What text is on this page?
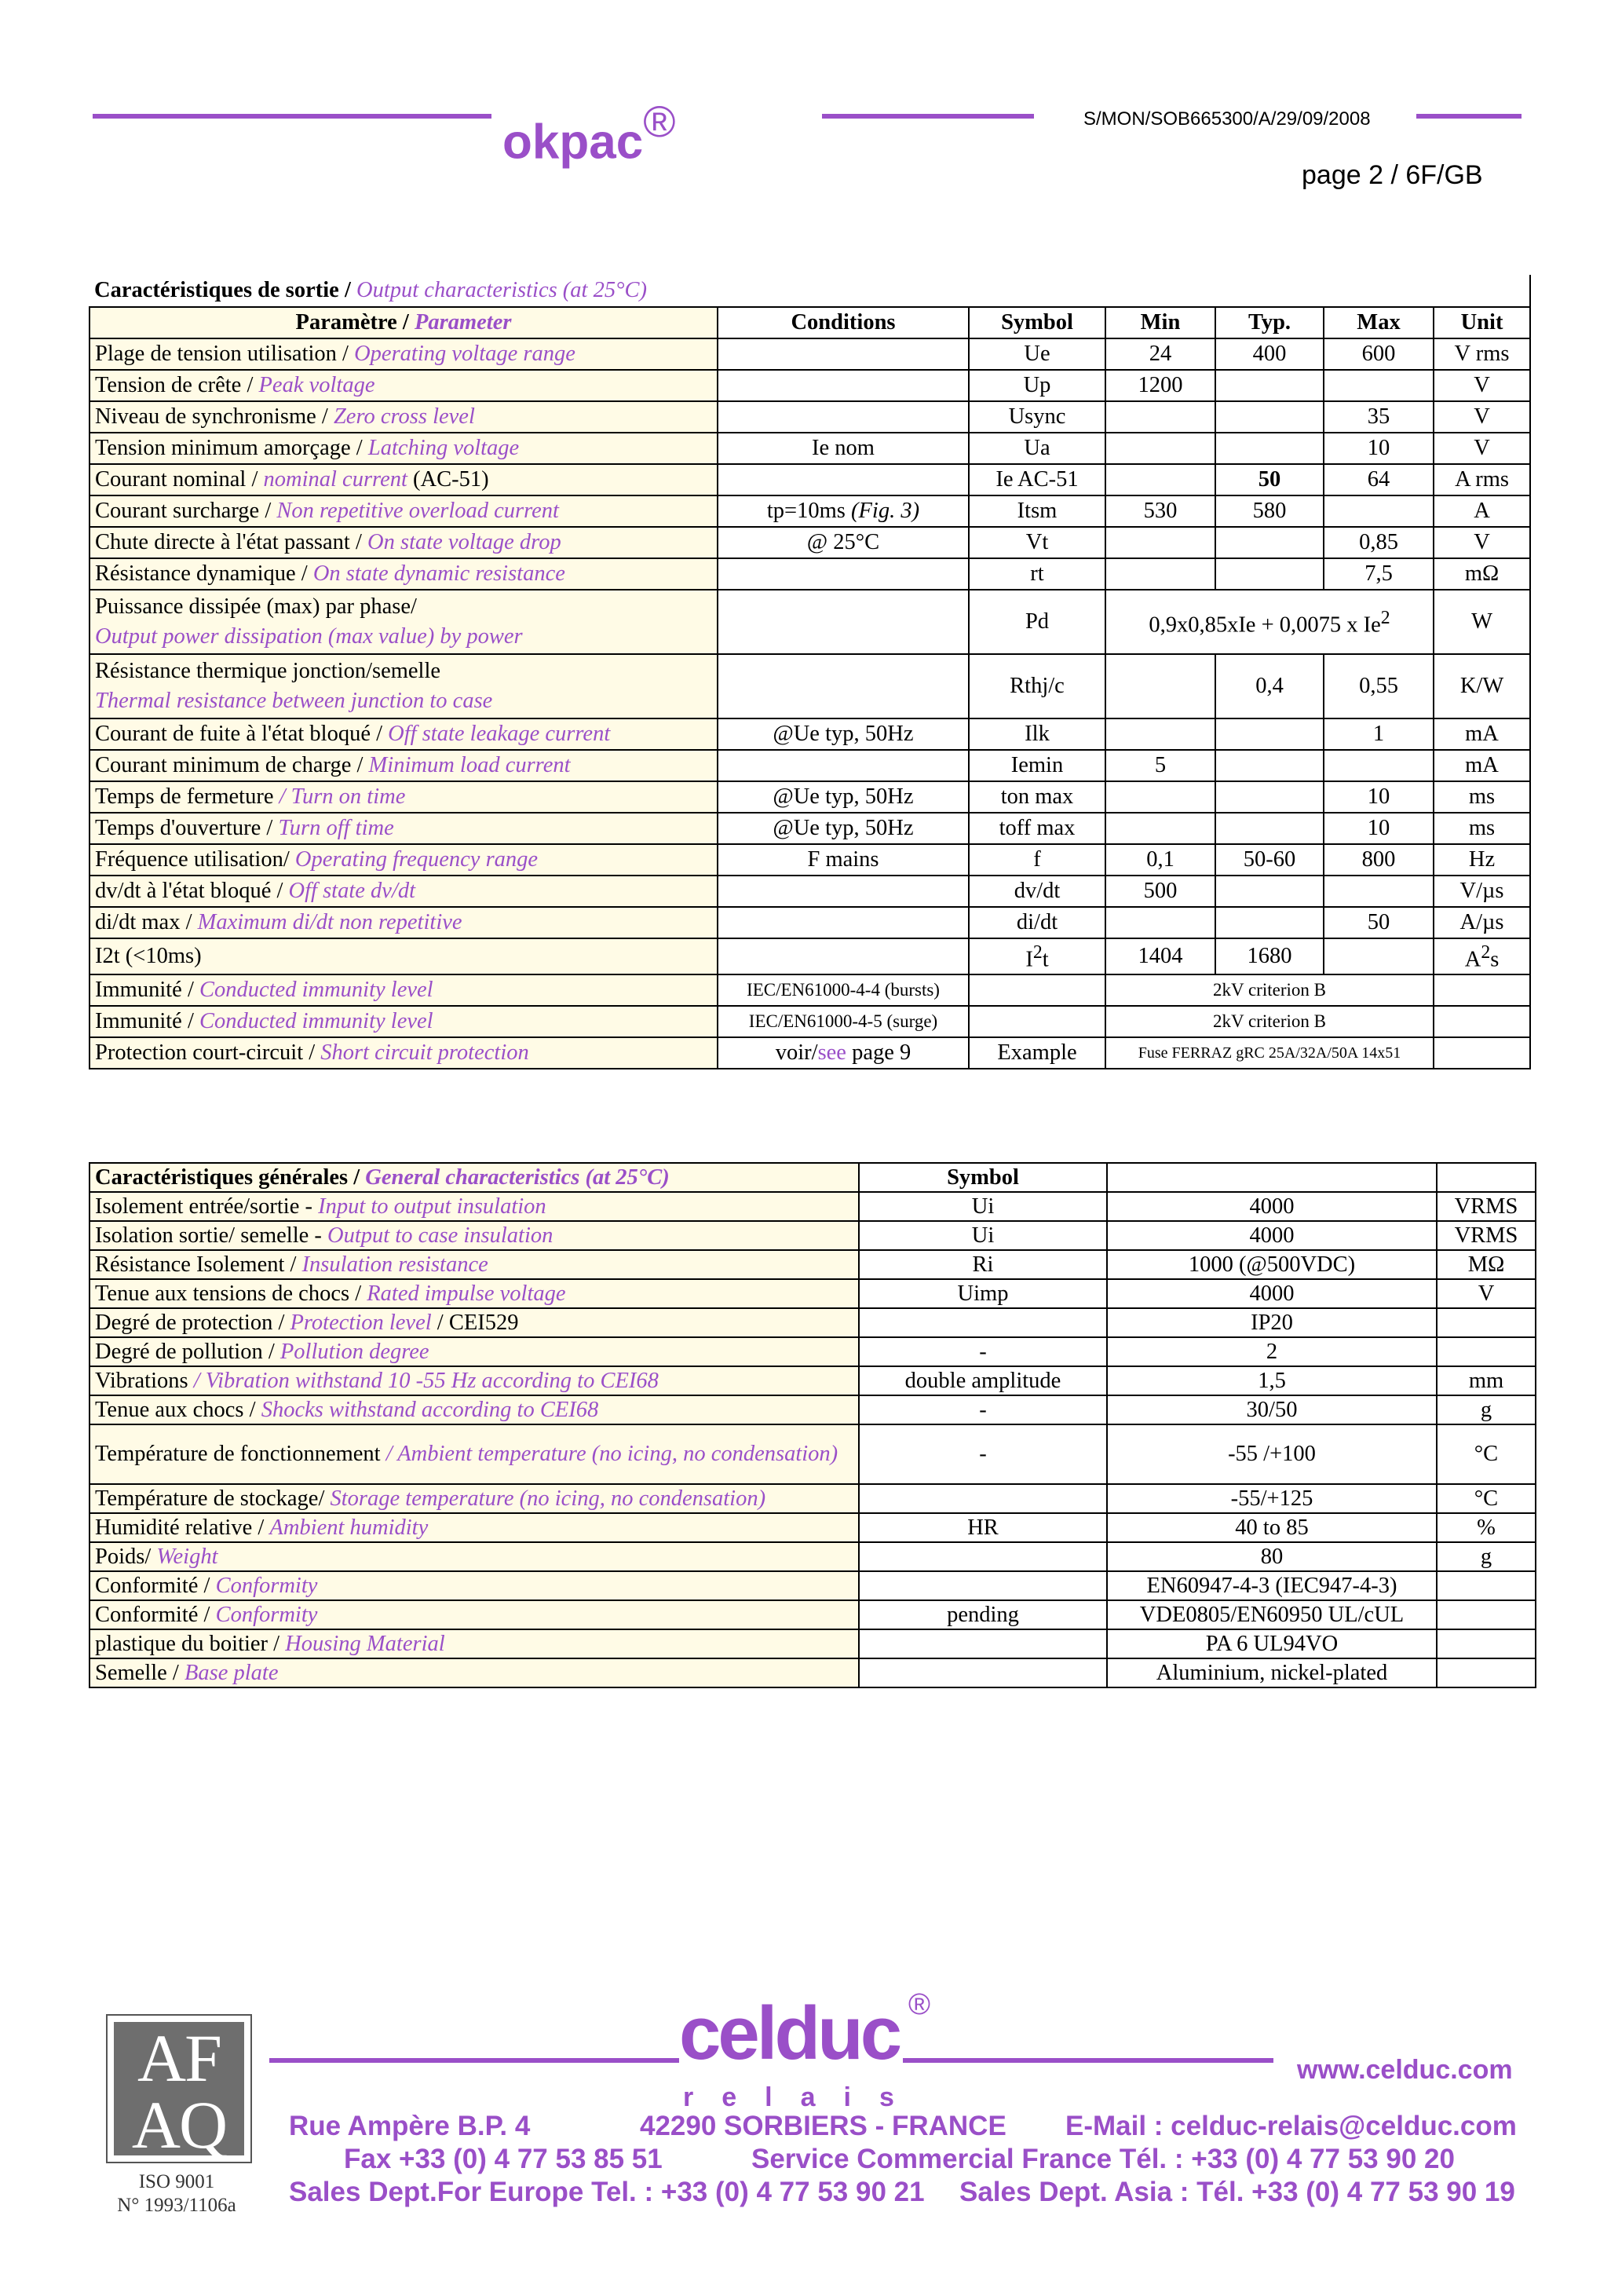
okpac®	S/MON/SOB665300/A/29/09/2008
page 2 / 6F/GB
Caractéristiques de sortie / Output characteristics (at 25°C)						
Paramètre / Parameter	Conditions	Symbol	Min	Typ.	Max	Unit
Plage de tension utilisation / Operating voltage range		Ue	24	400	600	V rms
Tension de crête / Peak voltage		Up	1200			V
Niveau de synchronisme / Zero cross level		Usync			35	V
Tension minimum amorçage / Latching voltage	Ie nom	Ua			10	V
Courant nominal / nominal current (AC-51)		Ie AC-51		50	64	A rms
Courant surcharge / Non repetitive overload current	tp=10ms (Fig. 3)	Itsm	530	580		A
Chute directe à l'état passant / On state voltage drop	@ 25°C	Vt			0,85	V
Résistance dynamique / On state dynamic resistance		rt			7,5	mΩ
Puissance dissipée (max) par phase/
Output power dissipation (max value) by power		Pd	0,9x0,85xIe + 0,0075 x Ie$^2$			W
Résistance thermique jonction/semelle
Thermal resistance between junction to case		Rthj/c		0,4	0,55	K/W
Courant de fuite à l'état bloqué / Off state leakage current	@Ue typ, 50Hz	Ilk			1	mA
Courant minimum de charge / Minimum load current		Iemin	5			mA
Temps de fermeture / Turn on time	@Ue typ, 50Hz	ton max			10	ms
Temps d'ouverture / Turn off time	@Ue typ, 50Hz	toff max			10	ms
Fréquence utilisation/ Operating frequency range	F mains	f	0,1	50-60	800	Hz
dv/dt à l'état bloqué / Off state dv/dt		dv/dt	500			V/µs
di/dt max / Maximum di/dt non repetitive		di/dt			50	A/µs
I2t (<10ms)		$I^2t$	1404	1680		$A^2s$
Immunité / Conducted immunity level	IEC/EN61000-4-4 (bursts)		2kV criterion B			
Immunité / Conducted immunity level	IEC/EN61000-4-5 (surge)		2kV criterion B			
Protection court-circuit / Short circuit protection	voir/see page 9	Example	Fuse FERRAZ gRC 25A/32A/50A 14x51			
Caractéristiques générales / General characteristics (at 25°C)	Symbol		
Isolement entrée/sortie - Input to output insulation	Ui	4000	VRMS
Isolation sortie/ semelle - Output to case insulation	Ui	4000	VRMS
Résistance Isolement / Insulation resistance	Ri	1000 (@500VDC)	MΩ
Tenue aux tensions de chocs / Rated impulse voltage	Uimp	4000	V
Degré de protection / Protection level / CEI529		IP20	
Degré de pollution / Pollution degree	-	2	
Vibrations / Vibration withstand 10 -55 Hz according to CEI68	double amplitude	1,5	mm
Tenue aux chocs / Shocks withstand according to CEI68	-	30/50	g
Température de fonctionnement / Ambient temperature (no icing, no condensation)	-	-55 /+100	°C
Température de stockage/ Storage temperature (no icing, no condensation)		-55/+125	°C
Humidité relative / Ambient humidity	HR	40 to 85	%
Poids/ Weight		80	g
Conformité / Conformity		EN60947-4-3 (IEC947-4-3)	
Conformité / Conformity	pending	VDE0805/EN60950 UL/cUL	
plastique du boitier / Housing Material		PA 6 UL94VO	
Semelle / Base plate		Aluminium, nickel-plated	
AF
AQ
ISO 9001
N° 1993/1106a
celduc ®
relais
www.celduc.com
Rue Ampère B.P. 4	42290 SORBIERS - FRANCE E-Mail : celduc-relais@celduc.com
Fax +33 (0) 4 77 53 85 51	Service Commercial France Tél. : +33 (0) 4 77 53 90 20
Sales Dept.For Europe Tel. : +33 (0) 4 77 53 90 21 Sales Dept. Asia : Tél. +33 (0) 4 77 53 90 19
